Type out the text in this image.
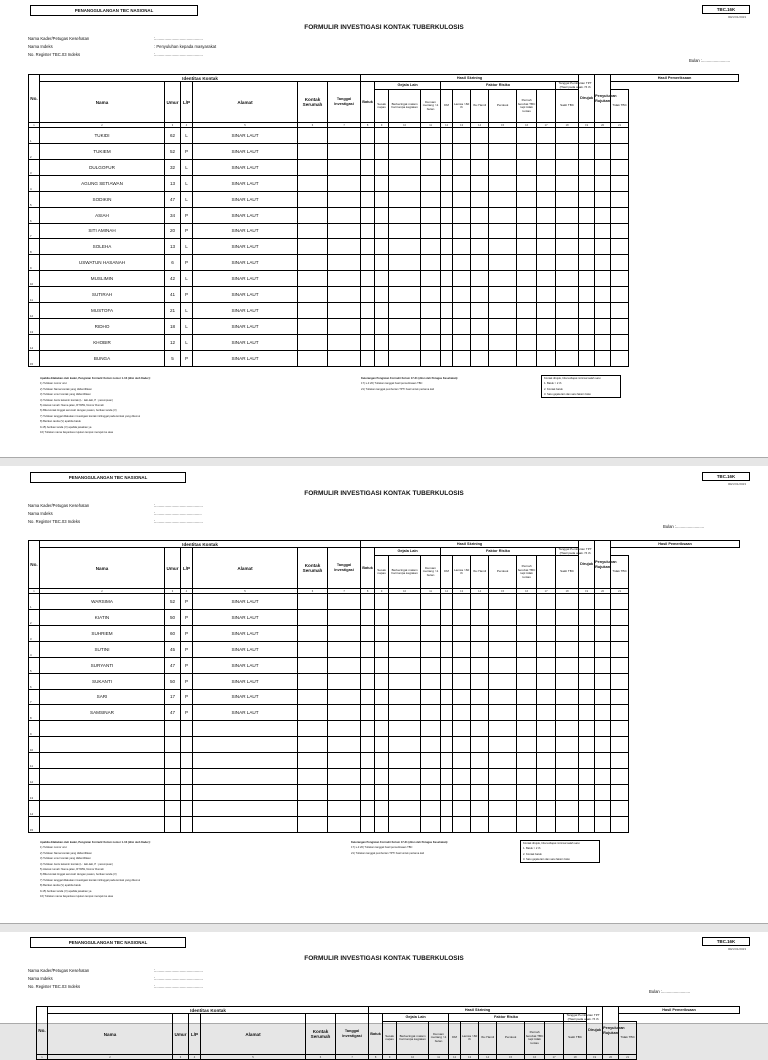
PENANGGULANGAN TBC NASIONAL	TBC.16K
REV/01/2023
FORMULIR INVESTIGASI KONTAK TUBERKULOSIS
Nama Kader/Petugas Kesehatan	:.........................................
Nama Indeks	: Penyuluhan kepada masyarakat
No. Register TBC.03 Indeks	:.........................................
Bulan :........................
No.	Identitas Kontak						Hasil Skrining											Dirujuk	Penyuluhan Rujukan	Hasil Pemeriksaan
	Nama	Umur	L/P	Alamat	Kontak Serumah	Tanggal Investigasi	Batuk	Gejala Lain			Faktor Risiko						Tanggal Pemberian TPT (Hasil pada anak <5 th			
								Sesak napas	Berkeringat malam hari tanpa kegiatan	Demam meriang >1 bulan	DM	Lansia >60 th	Ibu Hamil	Perokok	Pernah berobat TBC tapi tidak tuntas		Sakit TBC			Tidak TBC
1	2	3	4	5	6	7	8	9	10	11	12	13	14	15	16	17	18	19	20	21
1	TUKIDI	62	L	SINAR LAUT																
2	TUKIEM	52	P	SINAR LAUT																
3	DULGOFUR	32	L	SINAR LAUT																
4	AGUNG SETIAWAN	13	L	SINAR LAUT																
5	SODIKIN	47	L	SINAR LAUT																
6	ASIAH	34	P	SINAR LAUT																
7	SITI AMINAH	20	P	SINAR LAUT																
8	SOLEHA	13	L	SINAR LAUT																
9	USWATUN HASANAH	6	P	SINAR LAUT																
10	MUSLIMIN	42	L	SINAR LAUT																
11	SUTIRAH	41	P	SINAR LAUT																
12	MUSTOFA	21	L	SINAR LAUT																
13	RIDHO	18	L	SINAR LAUT																
14	KHOBIR	12	L	SINAR LAUT																
15	BUNGA	5	P	SINAR LAUT																
Apabila dilakukan oleh kader, Pengisian Formulir Kolom nomor 1-16 (diisi oleh Kader):
1) Tuliskan nomor urut
2) Tuliskan Nama kontak yang diidentifikasi
3) Tuliskan umur kontak yang diidentifikasi
4) Tuliskan Jenis kelamin kontak (L : laki-laki, P : perempuan)
5) Alamat rumah: Nama jalan, RT/RW, Nomor Rumah
6) Bila kontak tinggal serumah dengan pasien, berikan tanda (V)
7) Tuliskan tanggal dilakukan investigasi kontak ini/tinggal pada kontak yang ditemui
8) Berikan tanda (V) apabila batuk
9-15) berikan tanda (V) apabila jawaban ya
16) Tuliskan nama fasyankes rujukan tempat merujuk ke atas
Keterangan Pengisian Formulir Kolom 17-21 (diisi oleh Petugas Kesehatan):
17) s.d 20) Tuliskan tanggal hasil pemeriksaan TBC
21) Tuliskan tanggal pemberian TPT/ hasil untuk pertama kali
Kontak dirujuk, bila terdapat minimal salah satu:
1. Batuk > 2 th
2. Kontak batuk
3. Satu gejala lain dan satu faktor risiko
PENANGGULANGAN TBC NASIONAL	TBC.16K
REV/01/2023
FORMULIR INVESTIGASI KONTAK TUBERKULOSIS
Nama Kader/Petugas Kesehatan	:.........................................
Nama Indeks	:........................................
No. Register TBC.03 Indeks	:.........................................
Bulan :........................
No.	Identitas Kontak						Hasil Skrining											Dirujuk	Penyuluhan Rujukan	Hasil Pemeriksaan
	Nama	Umur	L/P	Alamat	Kontak Serumah	Tanggal Investigasi	Batuk	Gejala Lain			Faktor Risiko						Tanggal Pemberian TPT (Hasil pada anak <5 th			
								Sesak napas	Berkeringat malam hari tanpa kegiatan	Demam meriang >1 bulan	DM	Lansia >60 th	Ibu Hamil	Perokok	Pernah berobat TBC tapi tidak tuntas		Sakit TBC			Tidak TBC
1	2	3	4	5	6	7	8	9	10	11	12	13	14	15	16	17	18	19	20	21
1	WARSIMA	52	P	SINAR LAUT																
2	KIATIN	50	P	SINAR LAUT																
3	SUHRIEM	60	P	SINAR LAUT																
4	SUTINI	45	P	SINAR LAUT																
5	SURYANTI	47	P	SINAR LAUT																
6	SUKANTI	50	P	SINAR LAUT																
7	SARI	17	P	SINAR LAUT																
8	SAMSINAR	47	P	SINAR LAUT																
9																				
10																				
11																				
12																				
13																				
14																				
15																				
Apabila dilakukan oleh kader, Pengisian Formulir Kolom nomor 1-16 (diisi oleh Kader):
1) Tuliskan nomor urut
2) Tuliskan Nama kontak yang diidentifikasi
3) Tuliskan umur kontak yang diidentifikasi
4) Tuliskan Jenis kelamin kontak (L : laki-laki, P : perempuan)
5) Alamat rumah: Nama jalan, RT/RW, Nomor Rumah
6) Bila kontak tinggal serumah dengan pasien, berikan tanda (V)
7) Tuliskan tanggal dilakukan investigasi kontak ini/tinggal pada kontak yang ditemui
8) Berikan tanda (V) apabila batuk
9-15) berikan tanda (V) apabila jawaban ya
16) Tuliskan nama fasyankes rujukan tempat merujuk ke atas
Keterangan Pengisian Formulir Kolom 17-21 (diisi oleh Petugas Kesehatan):
17) s.d 20) Tuliskan tanggal hasil pemeriksaan TBC
21) Tuliskan tanggal pemberian TPT/ hasil untuk pertama kali
Kontak dirujuk, bila terdapat minimal salah satu:
1. Batuk > 2 th
2. Kontak batuk
3. Satu gejala lain dan satu faktor risiko
PENANGGULANGAN TBC NASIONAL	TBC.16K
REV/01/2023
FORMULIR INVESTIGASI KONTAK TUBERKULOSIS
Nama Kader/Petugas Kesehatan	:.........................................
Nama Indeks	:.........................................
No. Register TBC.03 Indeks	:.........................................
Bulan :........................
No.	Identitas Kontak						Hasil Skrining											Dirujuk	Penyuluhan Rujukan	Hasil Pemeriksaan
	Nama	Umur	L/P	Alamat	Kontak Serumah	Tanggal Investigasi	Batuk	Gejala Lain			Faktor Risiko						Tanggal Pemberian TPT (Hasil pada anak <5 th			
								Sesak napas	Berkeringat malam hari tanpa kegiatan	Demam meriang >1 bulan	DM	Lansia >60 th	Ibu Hamil	Perokok	Pernah berobat TBC tapi tidak tuntas		Sakit TBC			Tidak TBC
1	2	3	4	5	6	7	8	9	10	11	12	13	14	15	16	17	18	19	20	21
